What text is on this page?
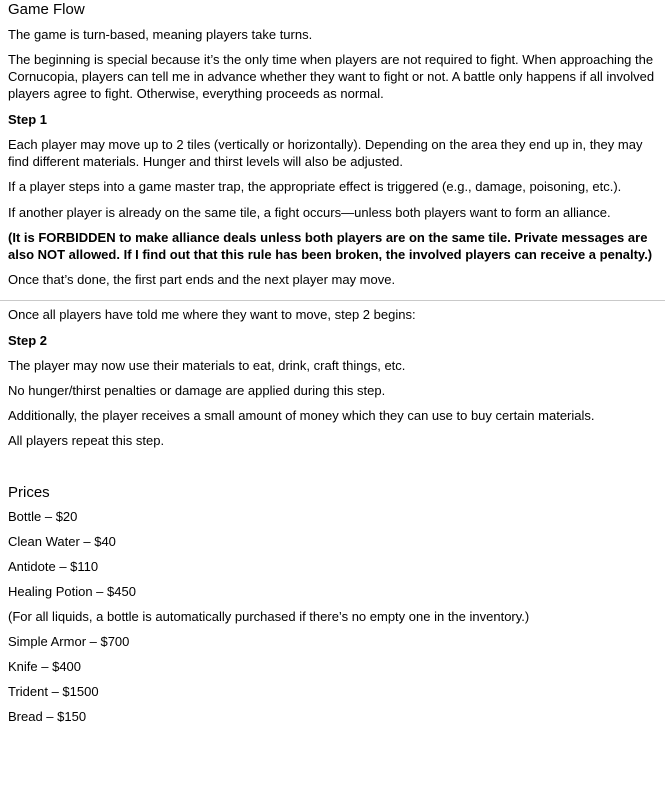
Game Flow

The game is turn-based, meaning players take turns.

The beginning is special because it’s the only time when players are not required to fight. When approaching the Cornucopia, players can tell me in advance whether they want to fight or not. A battle only happens if all involved players agree to fight. Otherwise, everything proceeds as normal.

Step 1

Each player may move up to 2 tiles (vertically or horizontally). Depending on the area they end up in, they may find different materials. Hunger and thirst levels will also be adjusted.

If a player steps into a game master trap, the appropriate effect is triggered (e.g., damage, poisoning, etc.).

If another player is already on the same tile, a fight occurs—unless both players want to form an alliance.

(It is FORBIDDEN to make alliance deals unless both players are on the same tile. Private messages are also NOT allowed. If I find out that this rule has been broken, the involved players can receive a penalty.)

Once that’s done, the first part ends and the next player may move.

Once all players have told me where they want to move, step 2 begins:

Step 2

The player may now use their materials to eat, drink, craft things, etc.

No hunger/thirst penalties or damage are applied during this step.

Additionally, the player receives a small amount of money which they can use to buy certain materials.

All players repeat this step.

Prices

Bottle – $20

Clean Water – $40

Antidote – $110

Healing Potion – $450

(For all liquids, a bottle is automatically purchased if there’s no empty one in the inventory.)

Simple Armor – $700

Knife – $400

Trident – $1500

Bread – $150
